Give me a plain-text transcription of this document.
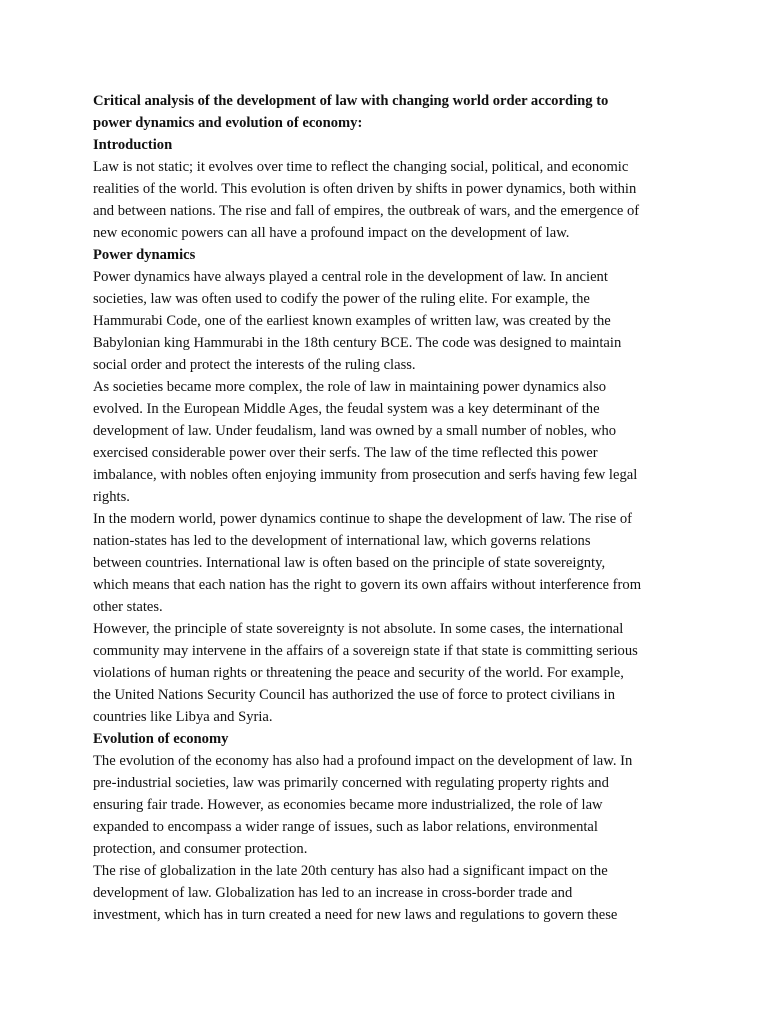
Critical analysis of the development of law with changing world order according to
power dynamics and evolution of economy:

Introduction

Law is not static; it evolves over time to reflect the changing social, political, and economic
realities of the world. This evolution is often driven by shifts in power dynamics, both within
and between nations. The rise and fall of empires, the outbreak of wars, and the emergence of
new economic powers can all have a profound impact on the development of law.

Power dynamics

Power dynamics have always played a central role in the development of law. In ancient
societies, law was often used to codify the power of the ruling elite. For example, the
Hammurabi Code, one of the earliest known examples of written law, was created by the
Babylonian king Hammurabi in the 18th century BCE. The code was designed to maintain
social order and protect the interests of the ruling class.

As societies became more complex, the role of law in maintaining power dynamics also
evolved. In the European Middle Ages, the feudal system was a key determinant of the
development of law. Under feudalism, land was owned by a small number of nobles, who
exercised considerable power over their serfs. The law of the time reflected this power
imbalance, with nobles often enjoying immunity from prosecution and serfs having few legal
rights.

In the modern world, power dynamics continue to shape the development of law. The rise of
nation-states has led to the development of international law, which governs relations
between countries. International law is often based on the principle of state sovereignty,
which means that each nation has the right to govern its own affairs without interference from
other states.

However, the principle of state sovereignty is not absolute. In some cases, the international
community may intervene in the affairs of a sovereign state if that state is committing serious
violations of human rights or threatening the peace and security of the world. For example,
the United Nations Security Council has authorized the use of force to protect civilians in
countries like Libya and Syria.

Evolution of economy

The evolution of the economy has also had a profound impact on the development of law. In
pre-industrial societies, law was primarily concerned with regulating property rights and
ensuring fair trade. However, as economies became more industrialized, the role of law
expanded to encompass a wider range of issues, such as labor relations, environmental
protection, and consumer protection.

The rise of globalization in the late 20th century has also had a significant impact on the
development of law. Globalization has led to an increase in cross-border trade and
investment, which has in turn created a need for new laws and regulations to govern these
